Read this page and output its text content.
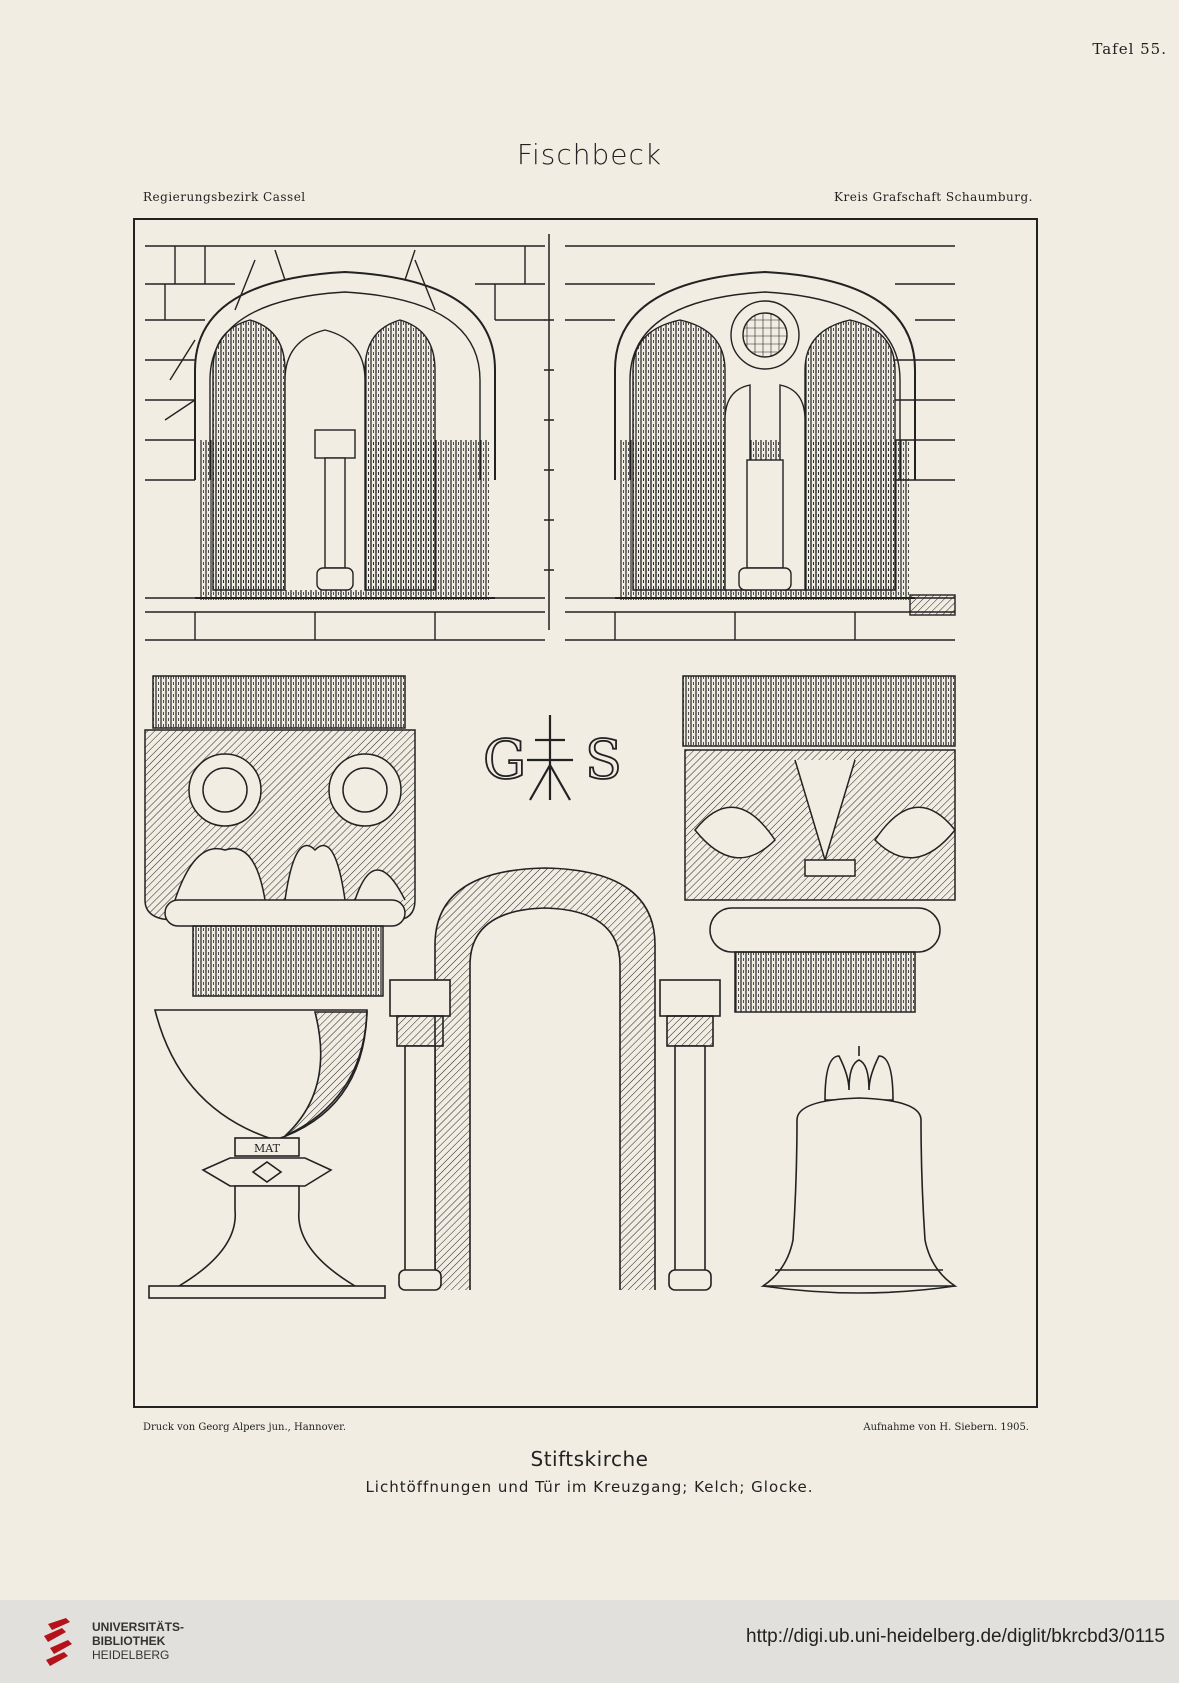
Tafel 55.
Fischbeck
Regierungsbezirk Cassel	Kreis Grafschaft Schaumburg.
G S
MAT
Druck von Georg Alpers jun., Hannover.	Aufnahme von H. Siebern. 1905.
Stiftskirche
Lichtöffnungen und Tür im Kreuzgang; Kelch; Glocke.
UNIVERSITÄTS-
BIBLIOTHEK
HEIDELBERG
http://digi.ub.uni-heidelberg.de/diglit/bkrcbd3/0115
